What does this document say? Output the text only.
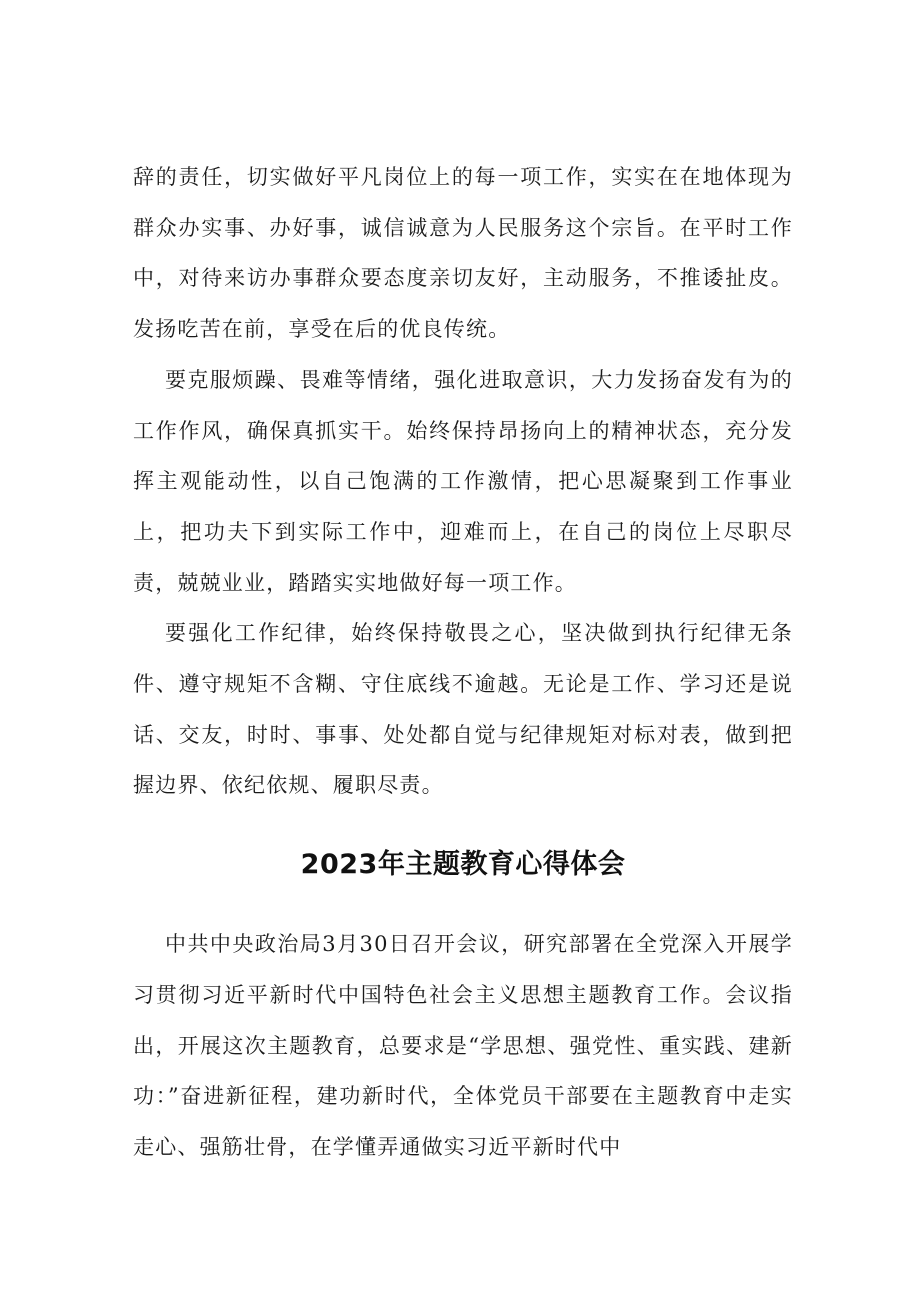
辞的责任，切实做好平凡岗位上的每一项工作，实实在在地体现为群众办实事、办好事，诚信诚意为人民服务这个宗旨。在平时工作中，对待来访办事群众要态度亲切友好，主动服务，不推诿扯皮。发扬吃苦在前，享受在后的优良传统。

要克服烦躁、畏难等情绪，强化进取意识，大力发扬奋发有为的工作作风，确保真抓实干。始终保持昂扬向上的精神状态，充分发挥主观能动性，以自己饱满的工作激情，把心思凝聚到工作事业上，把功夫下到实际工作中，迎难而上，在自己的岗位上尽职尽责，兢兢业业，踏踏实实地做好每一项工作。

要强化工作纪律，始终保持敬畏之心，坚决做到执行纪律无条件、遵守规矩不含糊、守住底线不逾越。无论是工作、学习还是说话、交友，时时、事事、处处都自觉与纪律规矩对标对表，做到把握边界、依纪依规、履职尽责。

2023年主题教育心得体会

中共中央政治局3月30日召开会议，研究部署在全党深入开展学习贯彻习近平新时代中国特色社会主义思想主题教育工作。会议指出，开展这次主题教育，总要求是“学思想、强党性、重实践、建新功：”奋进新征程，建功新时代，全体党员干部要在主题教育中走实走心、强筋壮骨，在学懂弄通做实习近平新时代中
